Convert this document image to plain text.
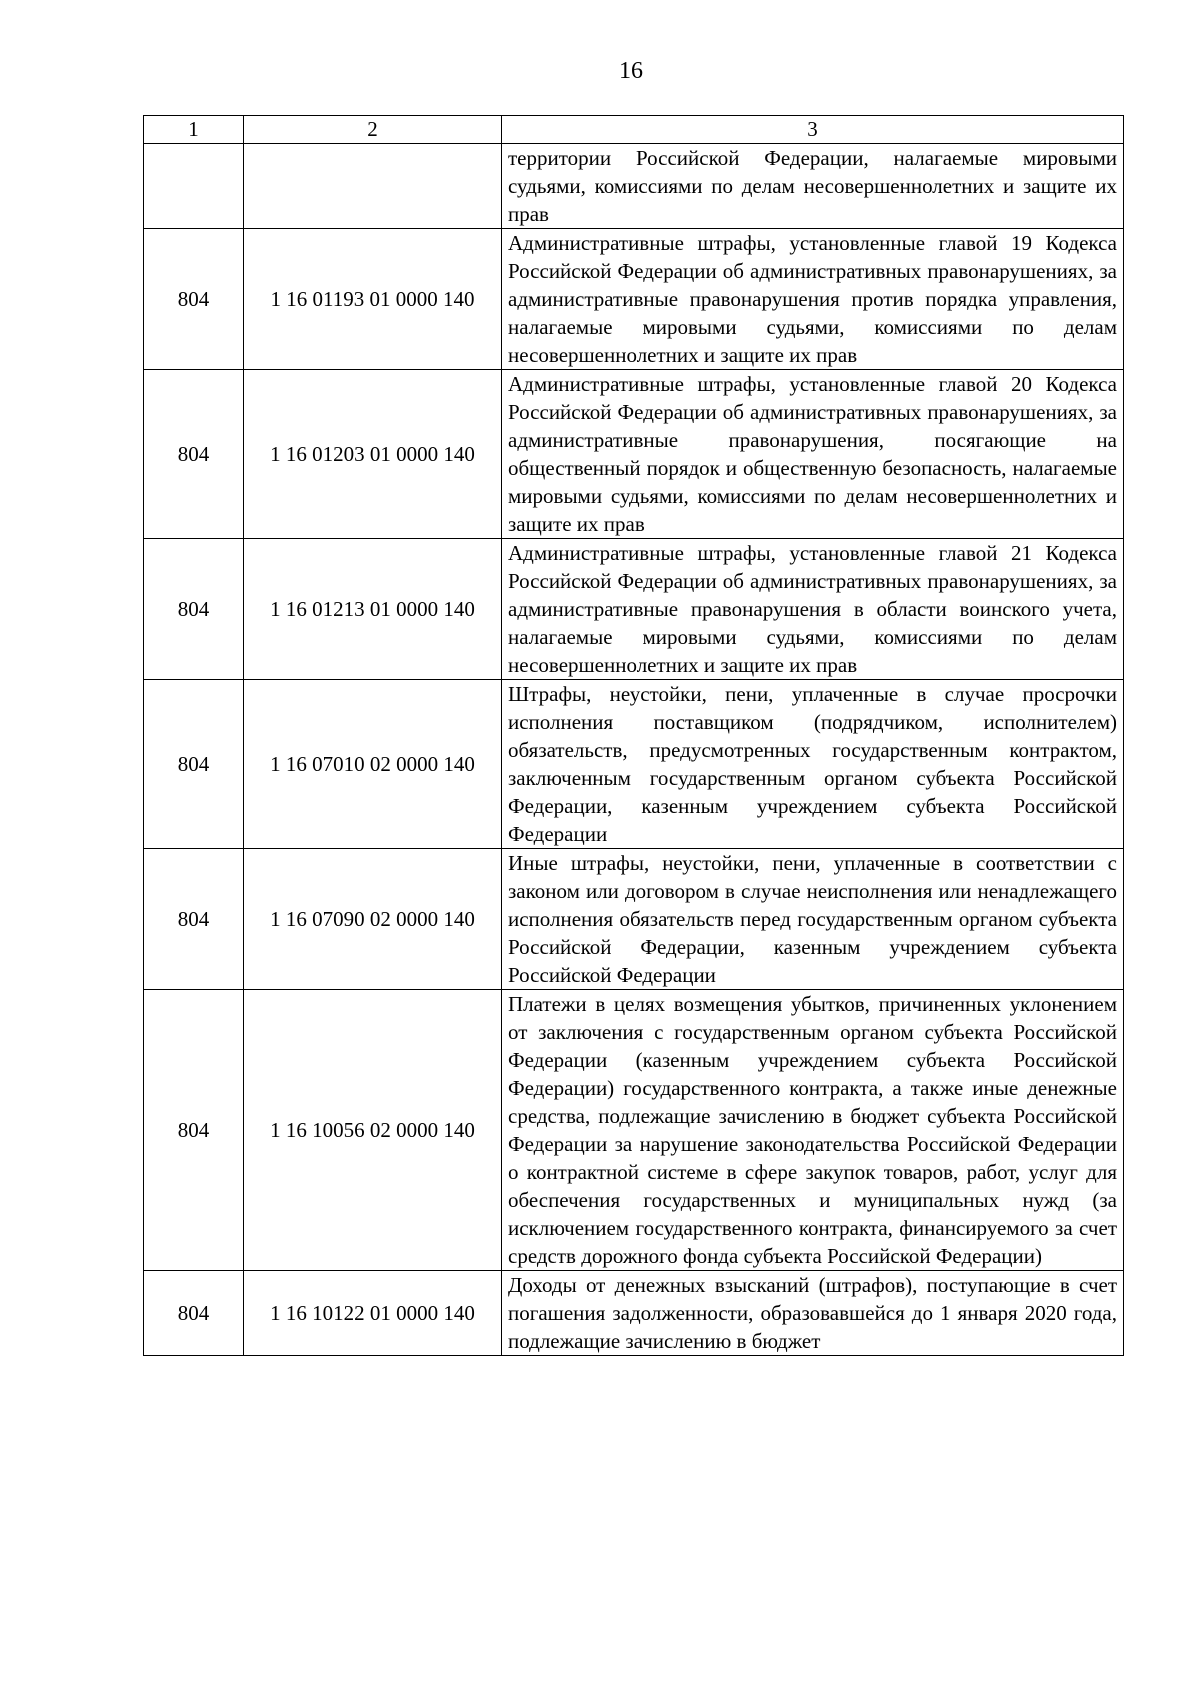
16
1	2	3
		территории Российской Федерации, налагаемые мировыми судьями, комиссиями по делам несовершеннолетних и защите их прав
804	1 16 01193 01 0000 140	Административные штрафы, установленные главой 19 Кодекса Российской Федерации об административных правонарушениях, за административные правонарушения против порядка управления, налагаемые мировыми судьями, комиссиями по делам несовершеннолетних и защите их прав
804	1 16 01203 01 0000 140	Административные штрафы, установленные главой 20 Кодекса Российской Федерации об административных правонарушениях, за административные правонарушения, посягающие на общественный порядок и общественную безопасность, налагаемые мировыми судьями, комиссиями по делам несовершеннолетних и защите их прав
804	1 16 01213 01 0000 140	Административные штрафы, установленные главой 21 Кодекса Российской Федерации об административных правонарушениях, за административные правонарушения в области воинского учета, налагаемые мировыми судьями, комиссиями по делам несовершеннолетних и защите их прав
804	1 16 07010 02 0000 140	Штрафы, неустойки, пени, уплаченные в случае просрочки исполнения поставщиком (подрядчиком, исполнителем) обязательств, предусмотренных государственным контрактом, заключенным государственным органом субъекта Российской Федерации, казенным учреждением субъекта Российской Федерации
804	1 16 07090 02 0000 140	Иные штрафы, неустойки, пени, уплаченные в соответствии с законом или договором в случае неисполнения или ненадлежащего исполнения обязательств перед государственным органом субъекта Российской Федерации, казенным учреждением субъекта Российской Федерации
804	1 16 10056 02 0000 140	Платежи в целях возмещения убытков, причиненных уклонением от заключения с государственным органом субъекта Российской Федерации (казенным учреждением субъекта Российской Федерации) государственного контракта, а также иные денежные средства, подлежащие зачислению в бюджет субъекта Российской Федерации за нарушение законодательства Российской Федерации о контрактной системе в сфере закупок товаров, работ, услуг для обеспечения государственных и муниципальных нужд (за исключением государственного контракта, финансируемого за счет средств дорожного фонда субъекта Российской Федерации)
804	1 16 10122 01 0000 140	Доходы от денежных взысканий (штрафов), поступающие в счет погашения задолженности, образовавшейся до 1 января 2020 года, подлежащие зачислению в бюджет
